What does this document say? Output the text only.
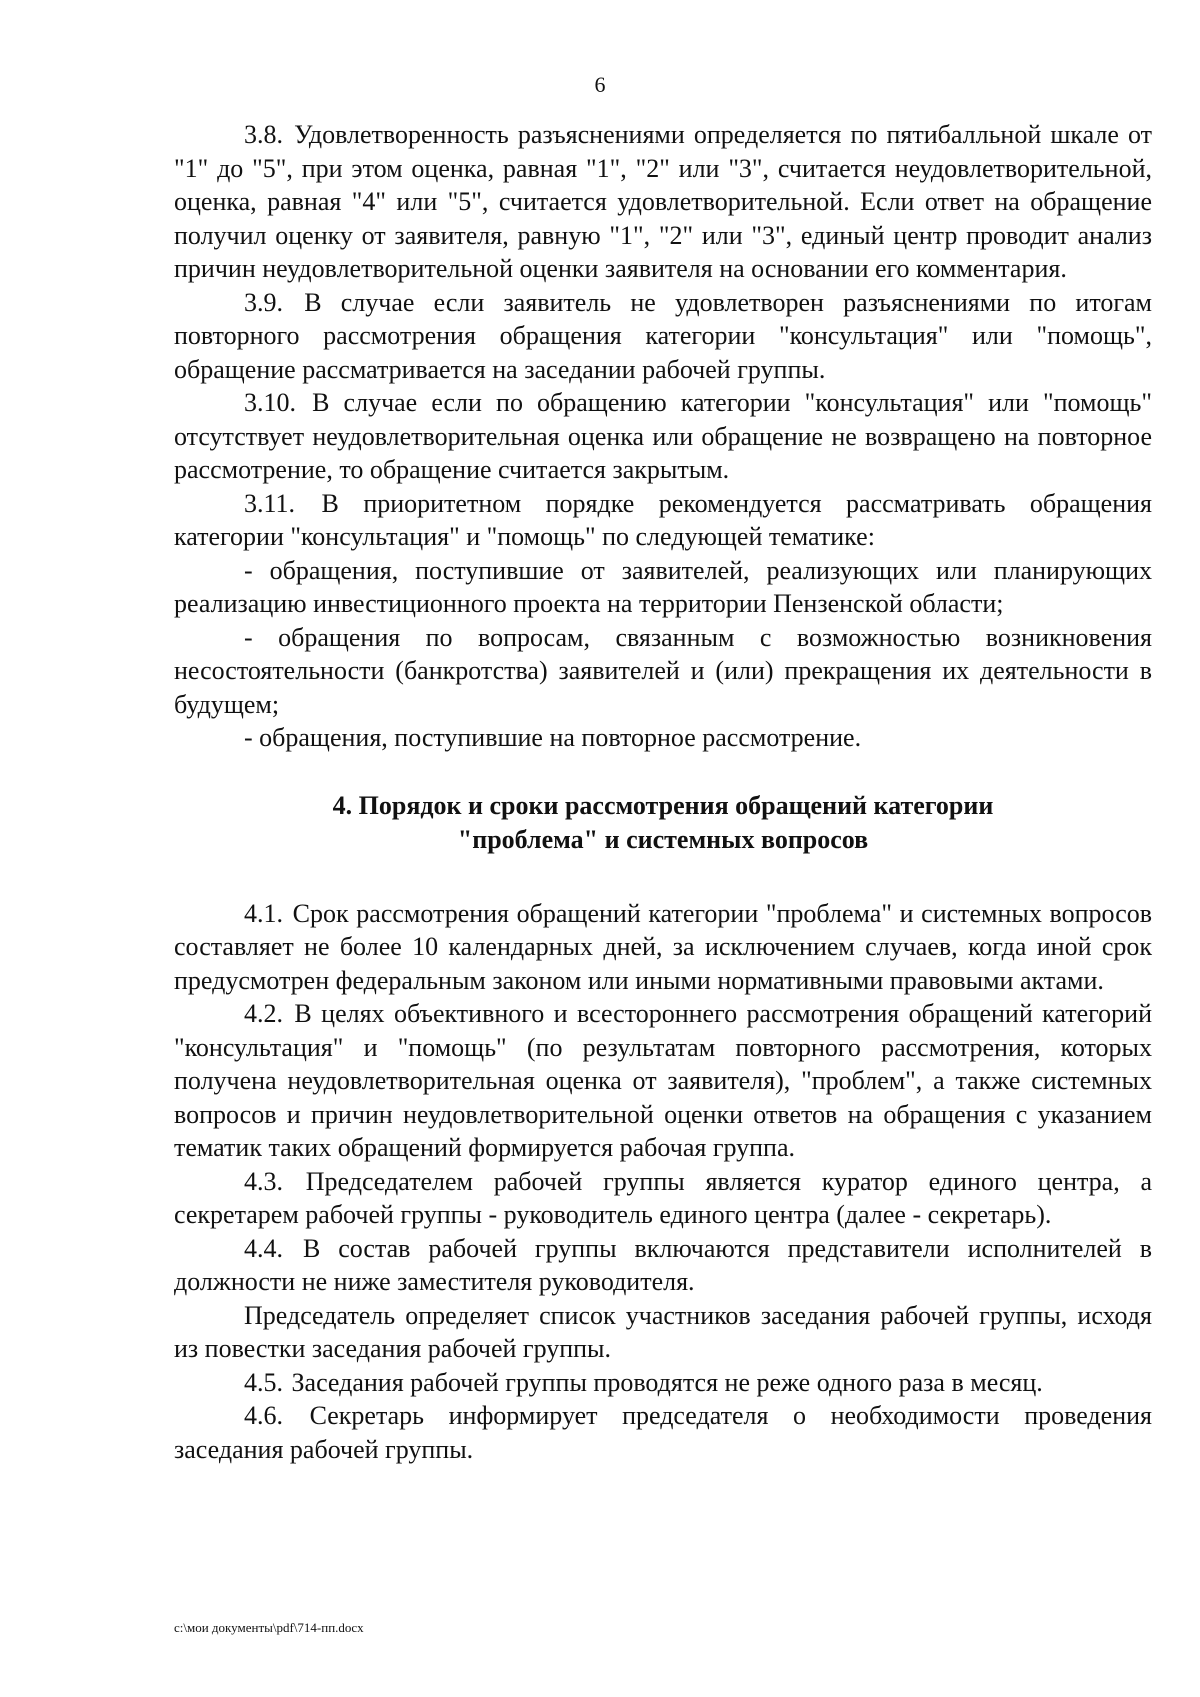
6

3.8. Удовлетворенность разъяснениями определяется по пятибалльной шкале от "1" до "5", при этом оценка, равная "1", "2" или "3", считается неудовлетворительной, оценка, равная "4" или "5", считается удовлетворительной. Если ответ на обращение получил оценку от заявителя, равную "1", "2" или "3", единый центр проводит анализ причин неудовлетворительной оценки заявителя на основании его комментария.

3.9. В случае если заявитель не удовлетворен разъяснениями по итогам повторного рассмотрения обращения категории "консультация" или "помощь", обращение рассматривается на заседании рабочей группы.

3.10. В случае если по обращению категории "консультация" или "помощь" отсутствует неудовлетворительная оценка или обращение не возвращено на повторное рассмотрение, то обращение считается закрытым.

3.11. В приоритетном порядке рекомендуется рассматривать обращения категории "консультация" и "помощь" по следующей тематике:

- обращения, поступившие от заявителей, реализующих или планирующих реализацию инвестиционного проекта на территории Пензенской области;

- обращения по вопросам, связанным с возможностью возникновения несостоятельности (банкротства) заявителей и (или) прекращения их деятельности в будущем;

- обращения, поступившие на повторное рассмотрение.

4. Порядок и сроки рассмотрения обращений категории
"проблема" и системных вопросов

4.1. Срок рассмотрения обращений категории "проблема" и системных вопросов составляет не более 10 календарных дней, за исключением случаев, когда иной срок предусмотрен федеральным законом или иными нормативными правовыми актами.

4.2. В целях объективного и всестороннего рассмотрения обращений категорий "консультация" и "помощь" (по результатам повторного рассмотрения, которых получена неудовлетворительная оценка от заявителя), "проблем", а также системных вопросов и причин неудовлетворительной оценки ответов на обращения с указанием тематик таких обращений формируется рабочая группа.

4.3. Председателем рабочей группы является куратор единого центра, а секретарем рабочей группы - руководитель единого центра (далее - секретарь).

4.4. В состав рабочей группы включаются представители исполнителей в должности не ниже заместителя руководителя.

Председатель определяет список участников заседания рабочей группы, исходя из повестки заседания рабочей группы.

4.5. Заседания рабочей группы проводятся не реже одного раза в месяц.

4.6. Секретарь информирует председателя о необходимости проведения заседания рабочей группы.

c:\мои документы\pdf\714-пп.docx
